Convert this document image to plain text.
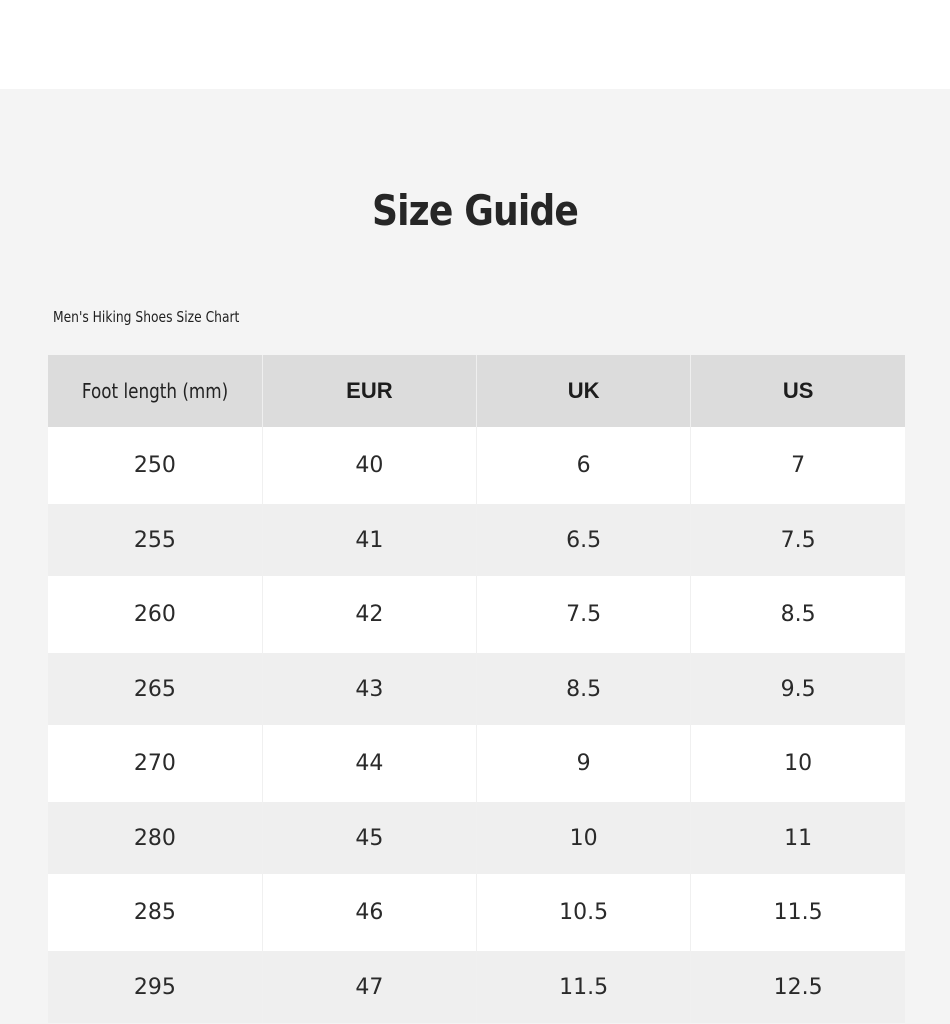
Size Guide
Men's Hiking Shoes Size Chart
Foot length (mm)	EUR	UK	US
250	40	6	7
255	41	6.5	7.5
260	42	7.5	8.5
265	43	8.5	9.5
270	44	9	10
280	45	10	11
285	46	10.5	11.5
295	47	11.5	12.5
